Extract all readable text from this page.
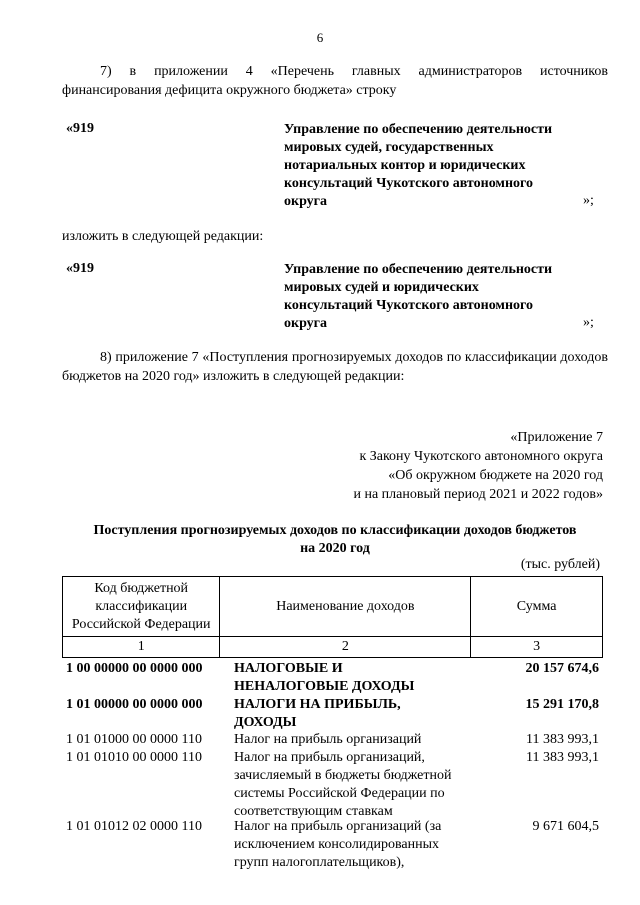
6
7) в приложении 4 «Перечень главных администраторов источников финансирования дефицита окружного бюджета» строку
«919	Управление по обеспечению деятельности
мировых судей, государственных
нотариальных контор и юридических
консультаций Чукотского автономного
округа	»;
изложить в следующей редакции:
«919	Управление по обеспечению деятельности
мировых судей и юридических
консультаций Чукотского автономного
округа	»;
8) приложение 7 «Поступления прогнозируемых доходов по классификации доходов бюджетов на 2020 год» изложить в следующей редакции:
«Приложение 7
к Закону Чукотского автономного округа
«Об окружном бюджете на 2020 год
и на плановый период 2021 и 2022 годов»
Поступления прогнозируемых доходов по классификации доходов бюджетов
на 2020 год
(тыс. рублей)
Код бюджетной
классификации
Российской Федерации	Наименование доходов	Сумма
1	2	3
1 00 00000 00 0000 000	НАЛОГОВЫЕ И
НЕНАЛОГОВЫЕ ДОХОДЫ
20 157 674,6
1 01 00000 00 0000 000	НАЛОГИ НА ПРИБЫЛЬ,
ДОХОДЫ
15 291 170,8
1 01 01000 00 0000 110	Налог на прибыль организаций	11 383 993,1
1 01 01010 00 0000 110	Налог на прибыль организаций,
зачисляемый в бюджеты бюджетной
системы Российской Федерации по
соответствующим ставкам
11 383 993,1
1 01 01012 02 0000 110	Налог на прибыль организаций (за
исключением консолидированных
групп налогоплательщиков),
9 671 604,5
